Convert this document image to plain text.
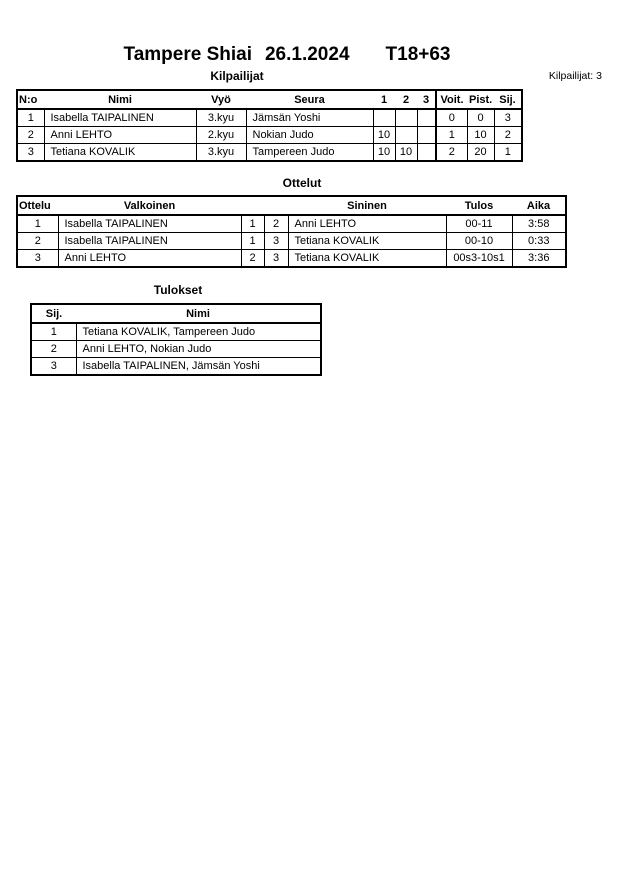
Tampere Shiai 26.1.2024 T18+63
Kilpailijat	Kilpailijat: 3
N:o	Nimi	Vyö	Seura	1	2	3	Voit.	Pist.	Sij.
1	Isabella TAIPALINEN	3.kyu	Jämsän Yoshi				0	0	3
2	Anni LEHTO	2.kyu	Nokian Judo	10			1	10	2
3	Tetiana KOVALIK	3.kyu	Tampereen Judo	10	10		2	20	1
Ottelut
Ottelu	Valkoinen			Sininen	Tulos	Aika
1	Isabella TAIPALINEN	1	2	Anni LEHTO	00-11	3:58
2	Isabella TAIPALINEN	1	3	Tetiana KOVALIK	00-10	0:33
3	Anni LEHTO	2	3	Tetiana KOVALIK	00s3-10s1	3:36
Tulokset
Sij.	Nimi
1	Tetiana KOVALIK, Tampereen Judo
2	Anni LEHTO, Nokian Judo
3	Isabella TAIPALINEN, Jämsän Yoshi
